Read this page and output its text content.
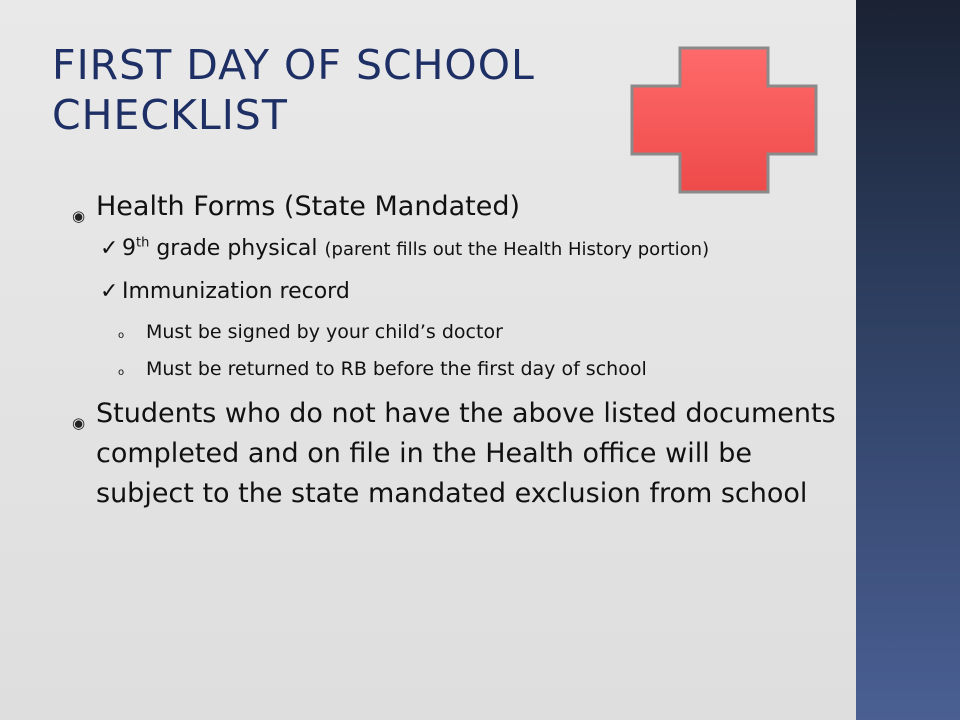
FIRST DAY OF SCHOOL CHECKLIST
◉ Health Forms (State Mandated)
✓ 9th grade physical (parent fills out the Health History portion)
✓ Immunization record
o	Must be signed by your child’s doctor
o	Must be returned to RB before the first day of school
◉ Students who do not have the above listed documents completed and on file in the Health office will be subject to the state mandated exclusion from school
